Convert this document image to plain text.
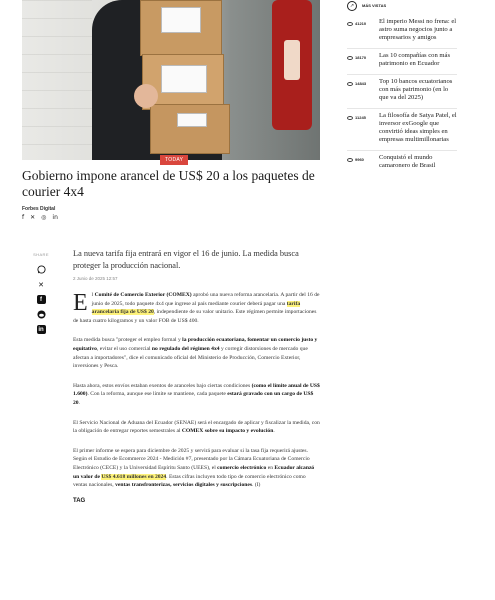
TODAY
Gobierno impone arancel de US$ 20 a los paquetes de courier 4x4
Forbes Digital
f ✕ ◎ in
SHARE
✕
f
in

La nueva tarifa fija entrará en vigor el 16 de junio. La medida busca proteger la producción nacional.

2 Junio de 2025 12:57

El Comité de Comercio Exterior (COMEX) aprobó una nueva reforma arancelaria. A partir del 16 de junio de 2025, todo paquete 4x4 que ingrese al país mediante courier deberá pagar una tarifa arancelaria fija de US$ 20, independiente de su valor unitario. Este régimen permite importaciones de hasta cuatro kilogramos y un valor FOB de US$ 400.

Esta medida busca "proteger el empleo formal y la producción ecuatoriana, fomentar un comercio justo y equitativo, evitar el uso comercial no regulado del régimen 4x4 y corregir distorsiones de mercado que afectan a importadores", dice el comunicado oficial del Ministerio de Producción, Comercio Exterior, inversiones y Pesca.

Hasta ahora, estos envíos estaban exentos de aranceles bajo ciertas condiciones (como el límite anual de US$ 1.600). Con la reforma, aunque ese límite se mantiene, cada paquete estará gravado con un cargo de US$ 20.

El Servicio Nacional de Aduana del Ecuador (SENAE) será el encargado de aplicar y fiscalizar la medida, con la obligación de entregar reportes semestrales al COMEX sobre su impacto y evolución.

El primer informe se espera para diciembre de 2025 y servirá para evaluar si la tasa fija requerirá ajustes. Según el Estudio de Ecommerce 2024 - Medición #7, presentado por la Cámara Ecuatoriana de Comercio Electrónico (CECE) y la Universidad Espíritu Santo (UEES), el comercio electrónico en Ecuador alcanzó un valor de US$ 4.618 millones en 2024. Estas cifras incluyen todo tipo de comercio electrónico como ventas nacionales, ventas transfronterizas, servicios digitales y suscripciones. (I)

TAG
↗	MÁS VISTAS
41210 El imperio Messi no frena: el astro suma negocios junto a empresarios y amigos
18170 Las 10 compañías con más patrimonio en Ecuador
14843 Top 10 bancos ecuatorianos con más patrimonio (en lo que va del 2025)
11245 La filosofía de Satya Patel, el inversor exGoogle que convirtió ideas simples en empresas multimillonarias
9960 Conquistó el mundo camaronero de Brasil
